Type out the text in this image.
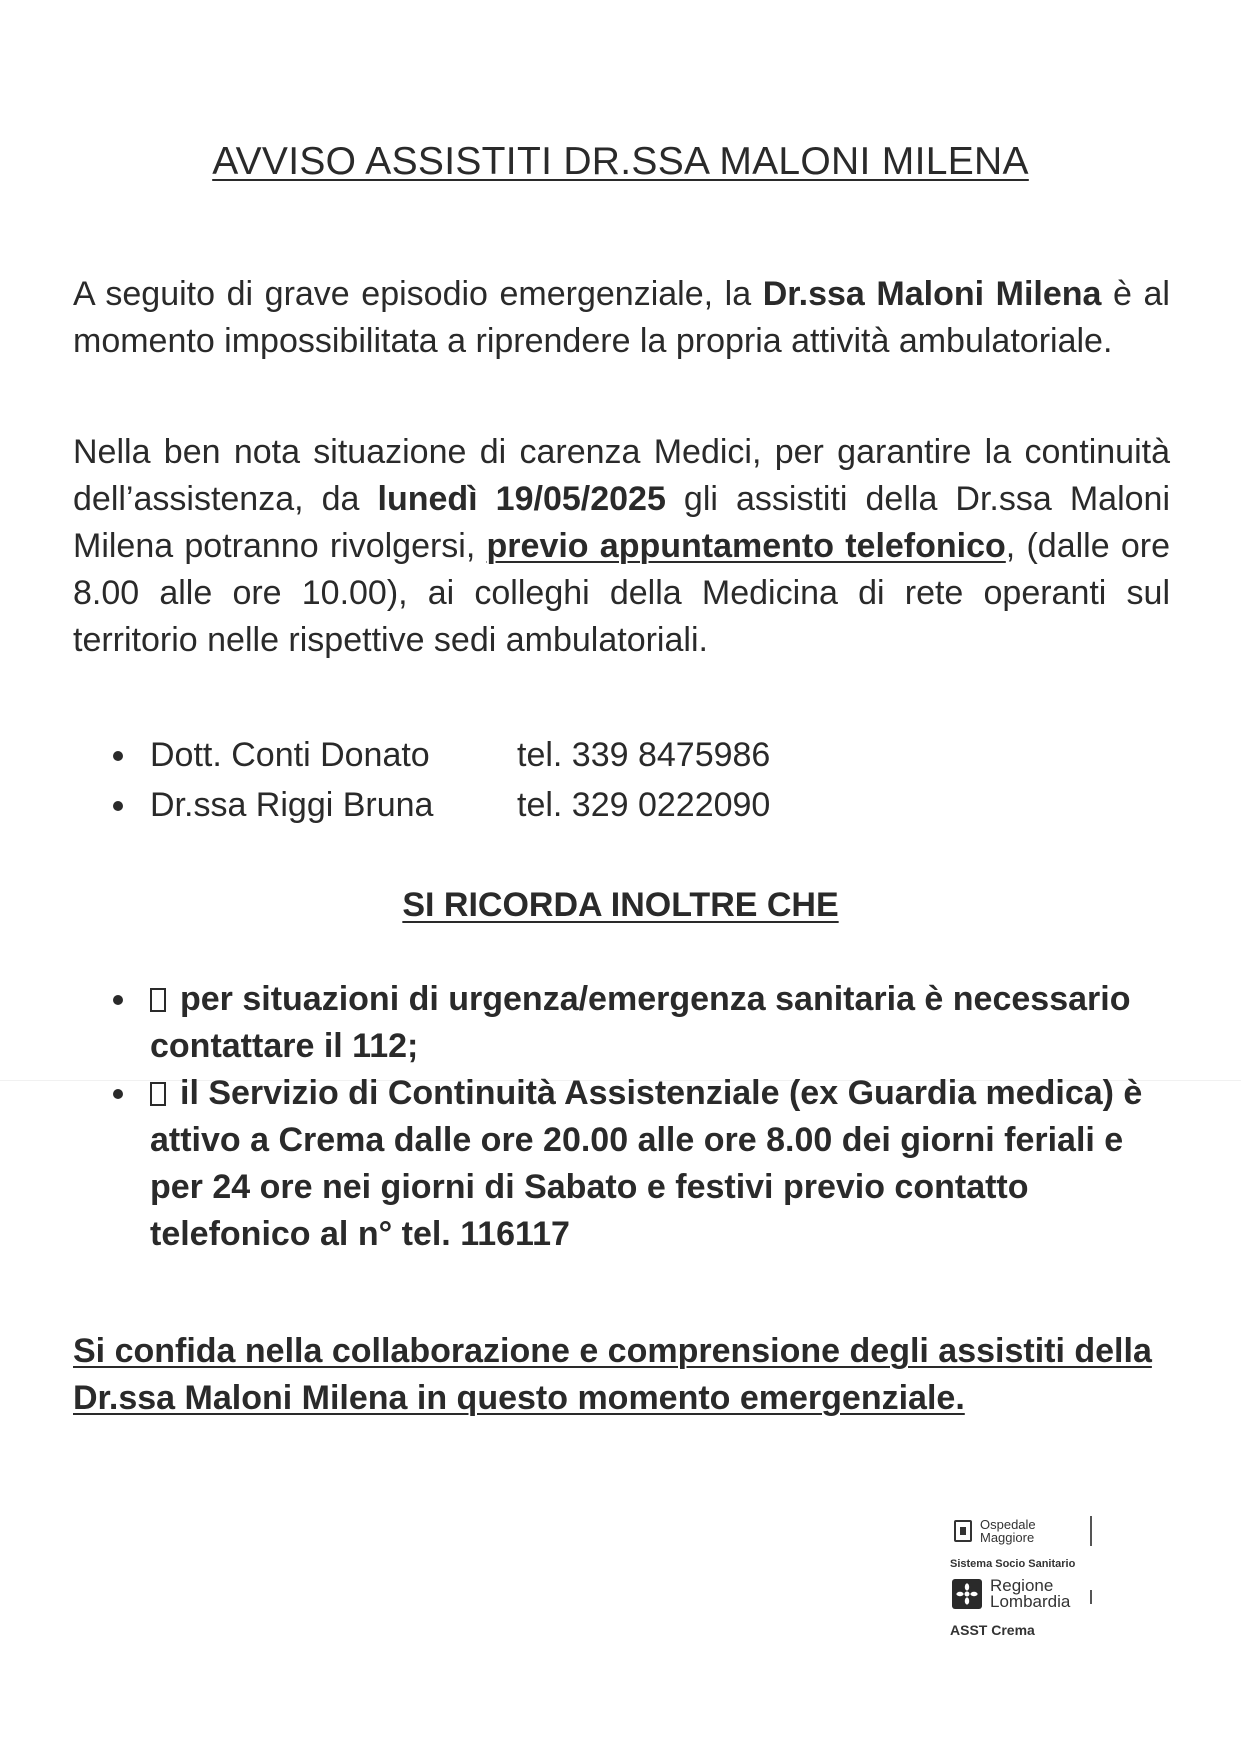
AVVISO ASSISTITI DR.SSA MALONI MILENA

A seguito di grave episodio emergenziale, la Dr.ssa Maloni Milena è al momento impossibilitata a riprendere la propria attività ambulatoriale.

Nella ben nota situazione di carenza Medici, per garantire la continuità dell’assistenza, da lunedì 19/05/2025 gli assistiti della Dr.ssa Maloni Milena potranno rivolgersi, previo appuntamento telefonico, (dalle ore 8.00 alle ore 10.00), ai colleghi della Medicina di rete operanti sul territorio nelle rispettive sedi ambulatoriali.

Dott. Conti Donato	tel. 339 8475986
Dr.ssa Riggi Bruna tel. 329 0222090
SI RICORDA INOLTRE CHE
per situazioni di urgenza/emergenza sanitaria è necessario contattare il 112;
il Servizio di Continuità Assistenziale (ex Guardia medica) è attivo a Crema dalle ore 20.00 alle ore 8.00 dei giorni feriali e per 24 ore nei giorni di Sabato e festivi previo contatto telefonico al n° tel. 116117

Si confida nella collaborazione e comprensione degli assistiti della Dr.ssa Maloni Milena in questo momento emergenziale.

Ospedale
Maggiore
Sistema Socio Sanitario
Regione
Lombardia
ASST Crema
